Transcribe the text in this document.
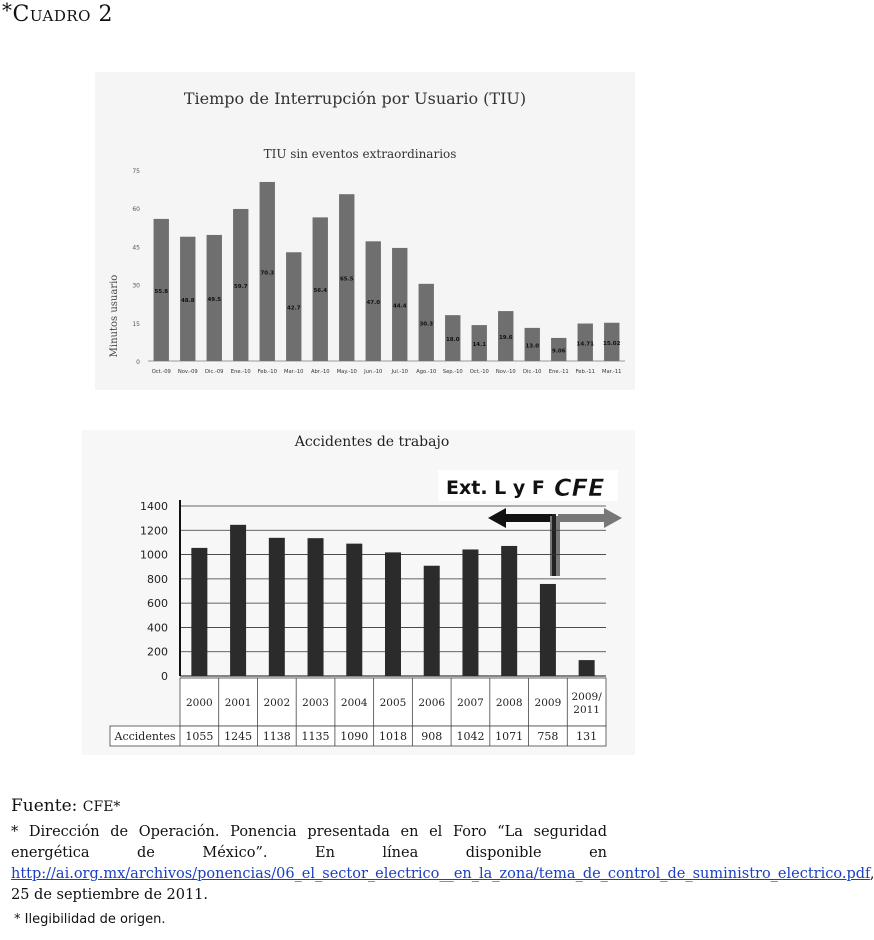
*Cuadro 2
Tiempo de Interrupción por Usuario (TIU)
TIU sin eventos extraordinarios
Minutos usuario
0
15
30
45
60
75
55.8
48.8 49.5
59.7
70.3
42.7
56.4
65.5
47.0
44.4
30.3
18.0
14.1
19.6
13.0
9.06
14.71 15.02
Oct.-09 Nov.-09 Dic.-09 Ene.-10 Feb.-10 Mar.-10 Abr.-10 May.-10 Jun.-10 Jul.-10 Ago.-10 Sep.-10 Oct.-10 Nov.-10 Dic.-10 Ene.-11 Feb.-11 Mar.-11
Accidentes de trabajo
Ext. L y F CFE
0
200
400
600
800
1000
1200
1400
Accidentes
2000
1055
2001
1245
2002
1138
2003
1135
2004
1090
2005
1018
2006
908
2007
1042
2008
1071
2009
758
2009/
2011
131
Fuente: CFE*
* Dirección de Operación. Ponencia presentada en el Foro “La seguridad energética de México”. En línea disponible en http://ai.org.mx/archivos/ponencias/06_el_sector_electrico__en_la_zona/tema_de_control_de_suministro_electrico.pdf 25 de septiembre de 2011.
* Ilegibilidad de origen.
